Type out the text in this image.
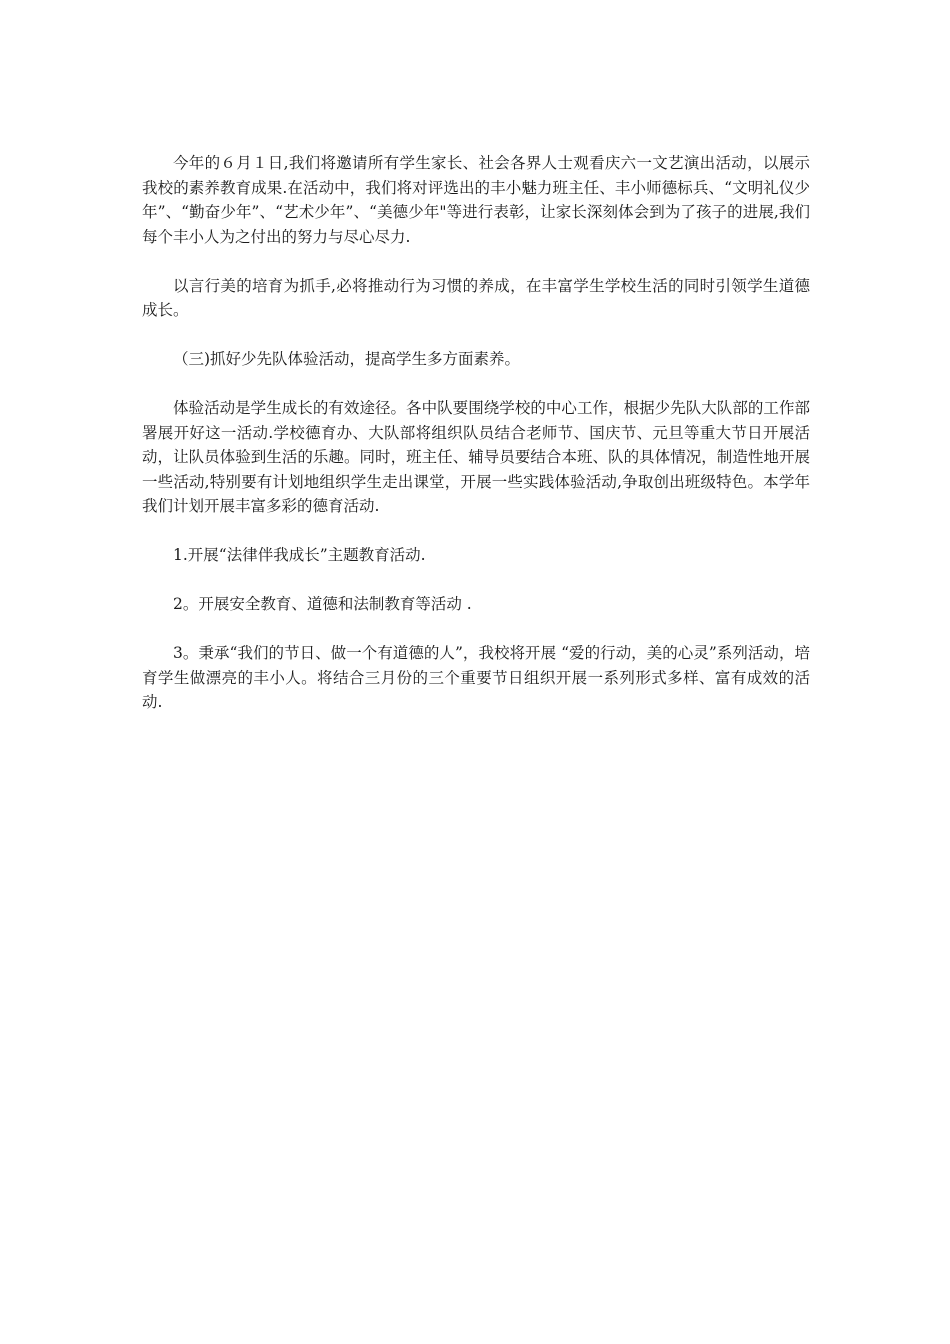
今年的６月１日,我们将邀请所有学生家长、社会各界人士观看庆六一文艺演出活动，以展示我校的素养教育成果.在活动中，我们将对评选出的丰小魅力班主任、丰小师德标兵、“文明礼仪少年”、“勤奋少年”、“艺术少年”、“美德少年"等进行表彰，让家长深刻体会到为了孩子的进展,我们每个丰小人为之付出的努力与尽心尽力.

以言行美的培育为抓手,必将推动行为习惯的养成，在丰富学生学校生活的同时引领学生道德成长。

（三)抓好少先队体验活动，提高学生多方面素养。

体验活动是学生成长的有效途径。各中队要围绕学校的中心工作，根据少先队大队部的工作部署展开好这一活动.学校德育办、大队部将组织队员结合老师节、国庆节、元旦等重大节日开展活动，让队员体验到生活的乐趣。同时，班主任、辅导员要结合本班、队的具体情况，制造性地开展一些活动,特别要有计划地组织学生走出课堂，开展一些实践体验活动,争取创出班级特色。本学年我们计划开展丰富多彩的德育活动.

1.开展“法律伴我成长”主题教育活动.

2。开展安全教育、道德和法制教育等活动 .

3。秉承“我们的节日、做一个有道德的人”，我校将开展 “爱的行动，美的心灵”系列活动，培育学生做漂亮的丰小人。将结合三月份的三个重要节日组织开展一系列形式多样、富有成效的活动.
